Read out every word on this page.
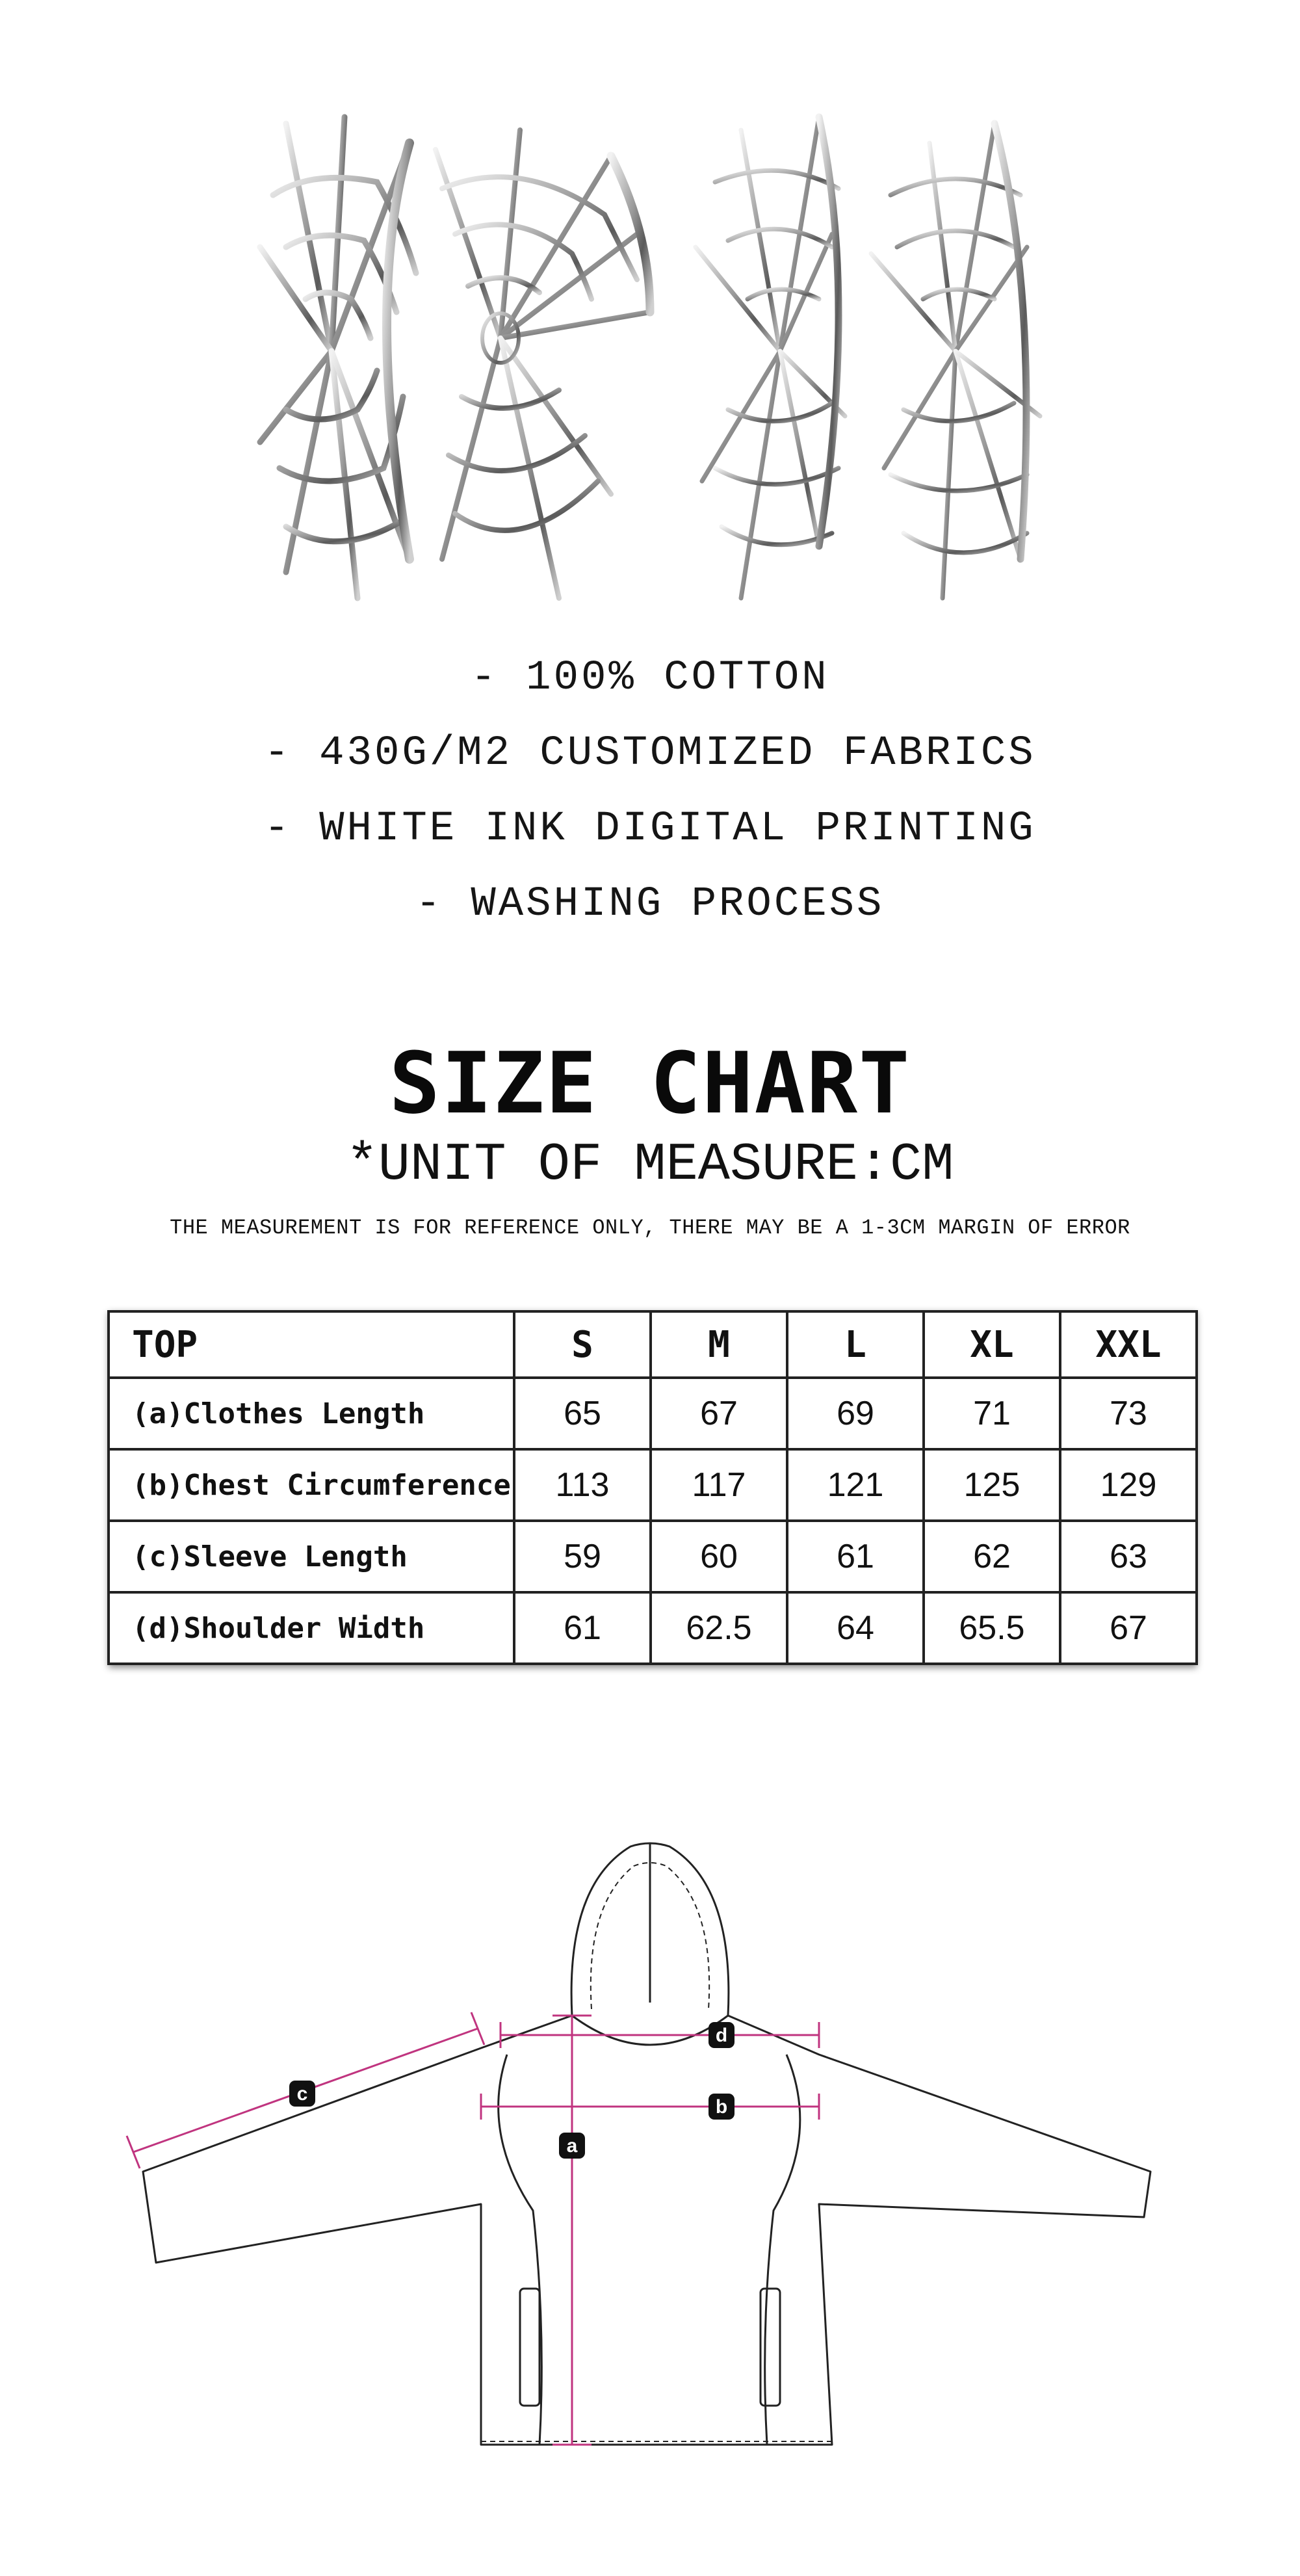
- 100% COTTON
- 430G/M2 CUSTOMIZED FABRICS
- WHITE INK DIGITAL PRINTING
- WASHING PROCESS
SIZE CHART
*UNIT OF MEASURE:CM
THE MEASUREMENT IS FOR REFERENCE ONLY, THERE MAY BE A 1-3CM MARGIN OF ERROR
TOP	S	M	L	XL	XXL
(a)Clothes Length	65	67	69	71	73
(b)Chest Circumference	113	117	121	125	129
(c)Sleeve Length	59	60	61	62	63
(d)Shoulder Width	61	62.5	64	65.5	67
c
d
b
a
